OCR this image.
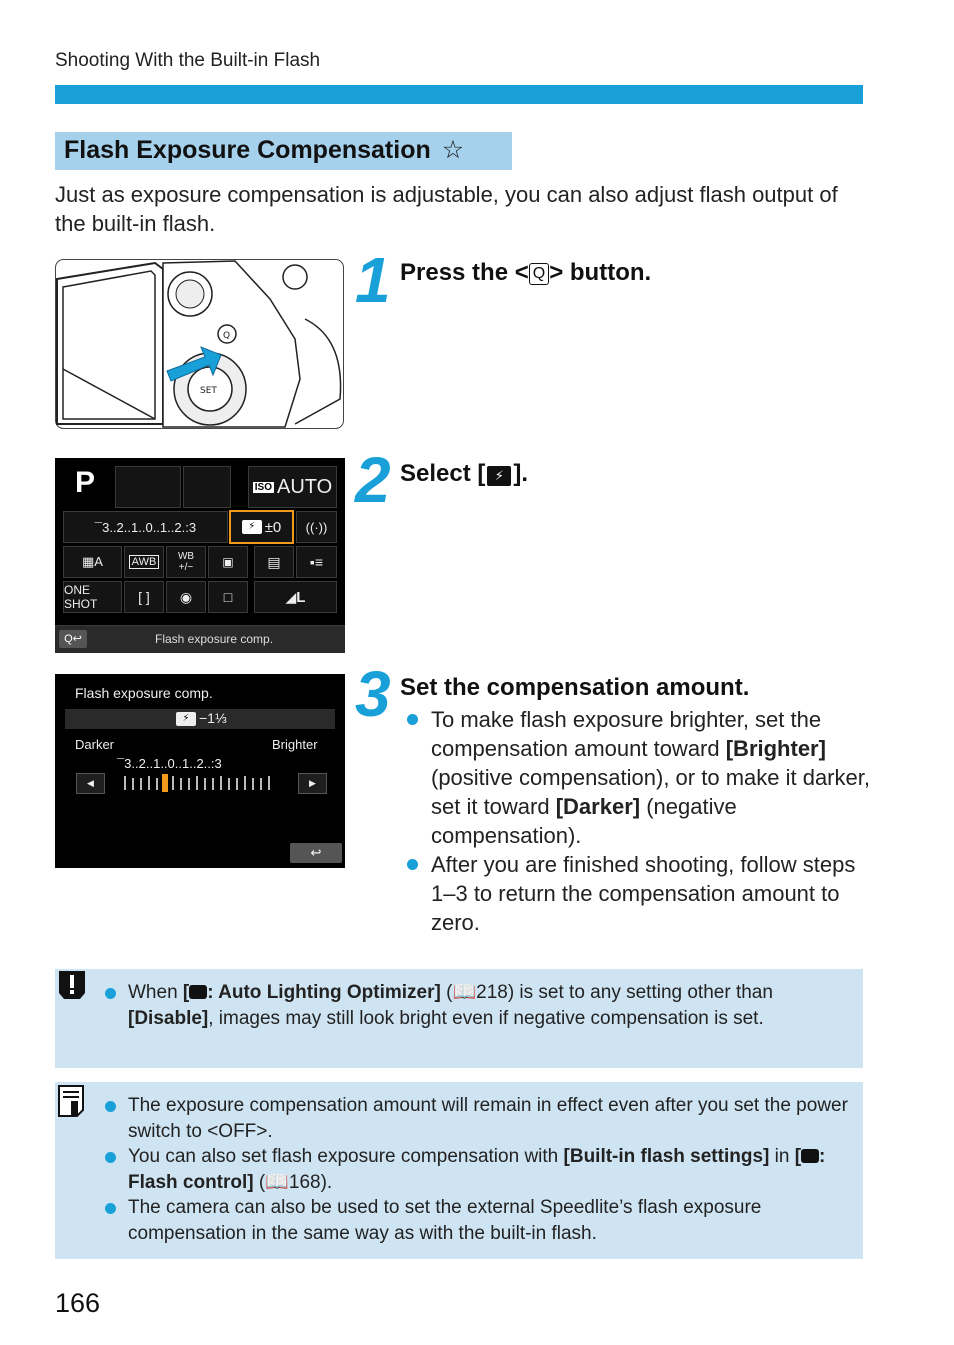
Shooting With the Built-in Flash
Flash Exposure Compensation ☆
Just as exposure compensation is adjustable, you can also adjust flash output of the built-in flash.
Q
SET
1 Press the < Q > button.
P	ISO AUTO
¯3..2..1..0..1..2.:3	⚡ ±0	((·))
▦A	AWB	WB
+/−	▣	▤	▪≡
ONE SHOT	[ ]	◉	□	◢ L
Q↩	Flash exposure comp.
2 Select [ ⚡ ].
Flash exposure comp.
⚡ −1⅓
Darker	Brighter
¯3..2..1..0..1..2..:3
◀	▶
↩
3 Set the compensation amount.
To make flash exposure brighter, set the compensation amount toward [Brighter] (positive compensation), or to make it darker, set it toward [Darker] (negative compensation).
After you are finished shooting, follow steps 1–3 to return the compensation amount to zero.
When [ : Auto Lighting Optimizer] (📖218) is set to any setting other than [Disable], images may still look bright even if negative compensation is set.
The exposure compensation amount will remain in effect even after you set the power switch to <OFF>.
You can also set flash exposure compensation with [Built-in flash settings] in [ : Flash control] (📖168).
The camera can also be used to set the external Speedlite’s flash exposure compensation in the same way as with the built-in flash.
166
